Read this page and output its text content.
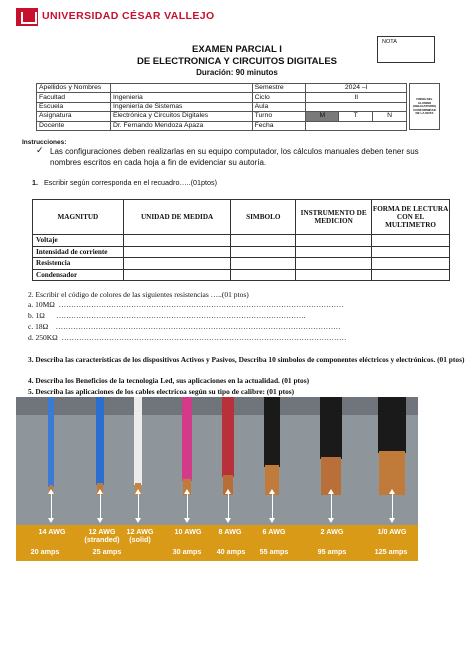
UNIVERSIDAD CÉSAR VALLEJO
NOTA
EXAMEN PARCIAL I
DE ELECTRONICA Y CIRCUITOS DIGITALES
Duración: 90 minutos
Apellidos y Nombres		Semestre	2024 –I		
Facultad	Ingenieria	Ciclo	II		
Escuela	Ingeniería de Sistemas	Aula			
Asignatura	Electrónica y Circuitos Digitales	Turno	M	T	N
Docente	Dr. Fernando Mendoza Apaza	Fecha			
FIRMA DEL ALUMNO (OBLIGATORIO) CONFORMIDAD DE LA NOTA
Instrucciones:
✓ Las configuraciones deben realizarlas en su equipo computador, los cálculos manuales deben tener sus nombres escritos en cada hoja a fin de evidenciar su autoría.
1. Escribir según corresponda en el recuadro…..(01ptos)
MAGNITUD	UNIDAD DE MEDIDA	SIMBOLO	INSTRUMENTO DE MEDICION	FORMA DE LECTURA CON EL MULTIMETRO
Voltaje				
Intensidad de corriente				
Resistencia				
Condensador				
2. Escribir el código de colores de las siguientes resistencias …..(01 ptos)
a. 10MΩ ……………………………………………………………………………………………………
b. 1Ω ……………………………………………………………………………………….
c. 18Ω ……………………………………………………………………………………………………
d. 250KΩ ……………………………………………………………………………………………………
3. Describa las características de los dispositivos Activos y Pasivos, Describa 10 simbolos de componentes eléctricos y electrónicos. (01 ptos)
4. Describa los Beneficios de la tecnologia Led, sus aplicaciones en la actualidad. (01 ptos)
5. Describa las aplicaciones de los cables electricoa según su tipo de calibre: (01 ptos)
14 AWG	12 AWG
(stranded)
12 AWG
(solid)
10 AWG	8 AWG	6 AWG	2 AWG	1/0 AWG
20 amps	25 amps	30 amps	40 amps	55 amps	95 amps	125 amps
